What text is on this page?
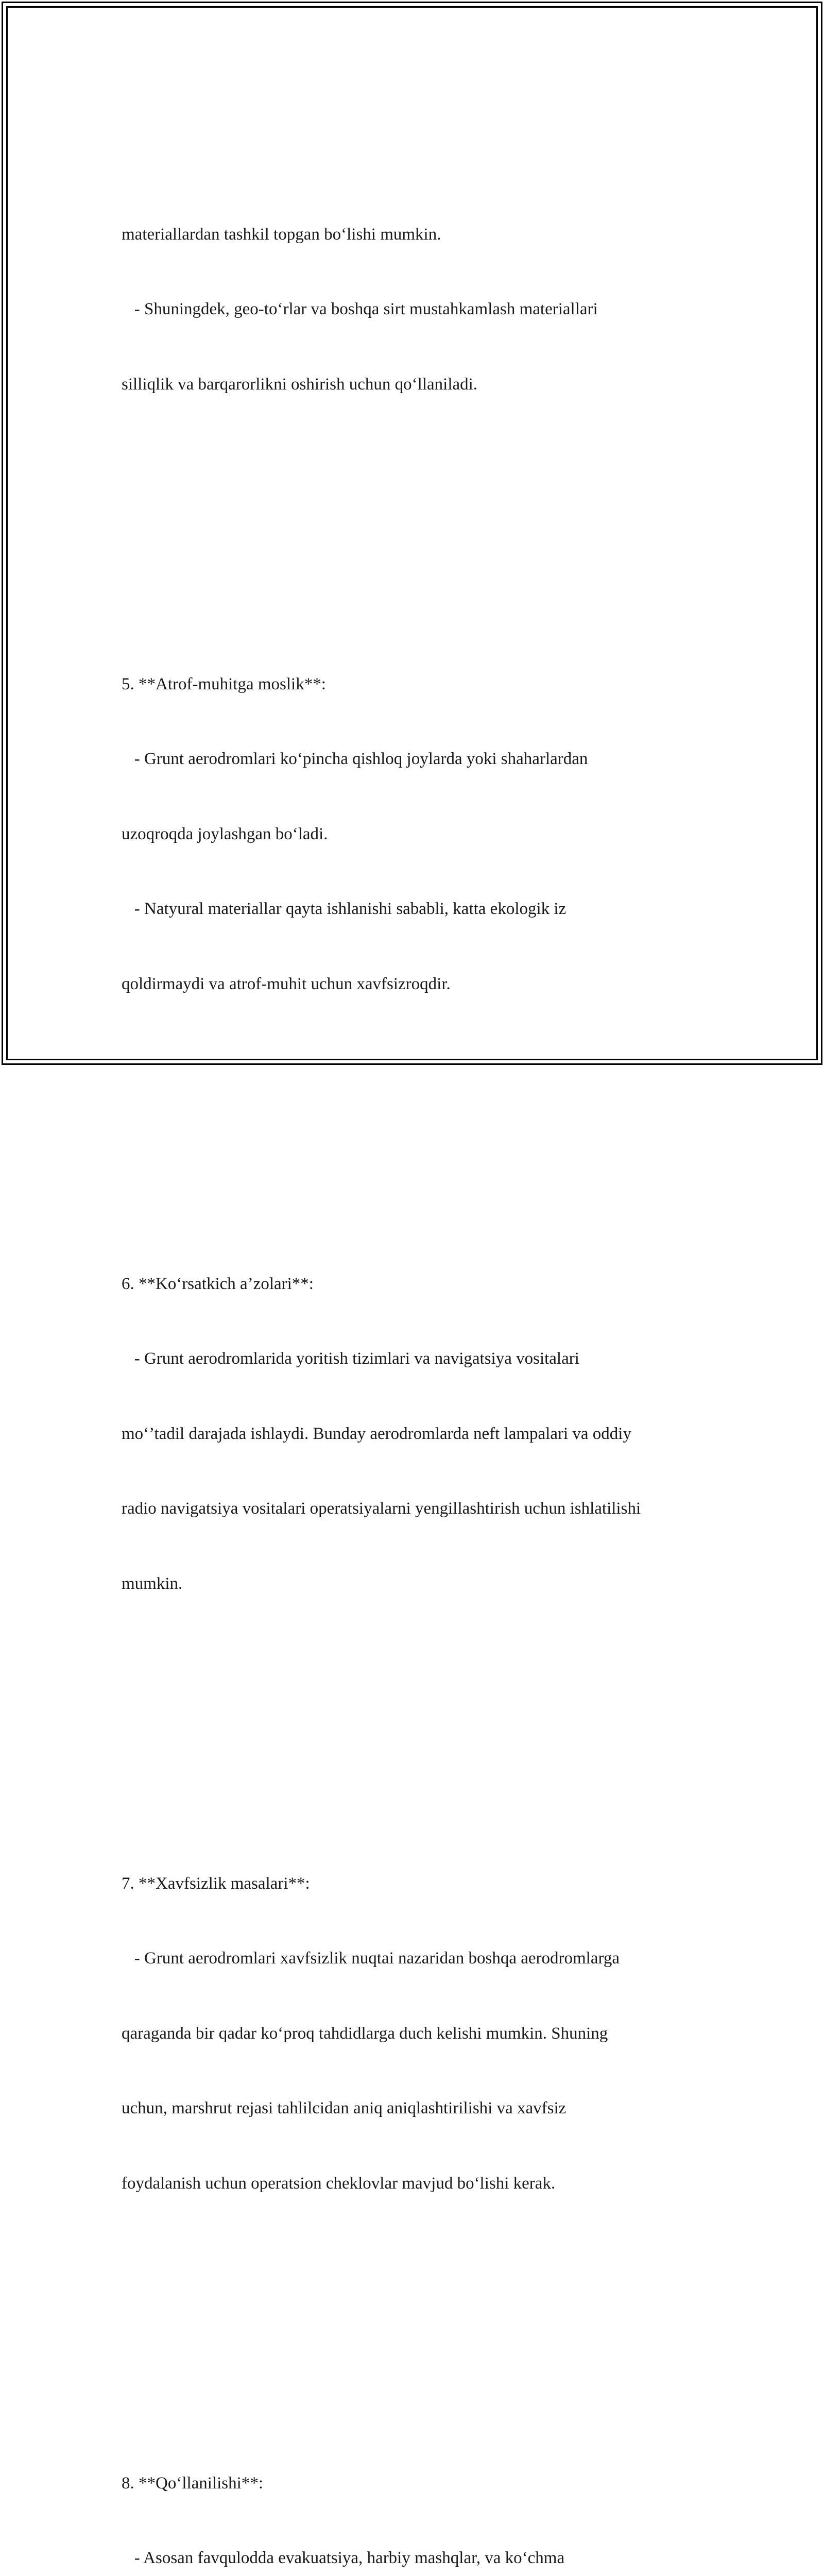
materiallardan tashkil topgan bo‘lishi mumkin.

- Shuningdek, geo-to‘rlar va boshqa sirt mustahkamlash materiallari

silliqlik va barqarorlikni oshirish uchun qo‘llaniladi.

5. **Atrof-muhitga moslik**:

- Grunt aerodromlari ko‘pincha qishloq joylarda yoki shaharlardan

uzoqroqda joylashgan bo‘ladi.

- Natyural materiallar qayta ishlanishi sababli, katta ekologik iz

qoldirmaydi va atrof-muhit uchun xavfsizroqdir.

6. **Ko‘rsatkich a’zolari**:

- Grunt aerodromlarida yoritish tizimlari va navigatsiya vositalari

mo‘’tadil darajada ishlaydi. Bunday aerodromlarda neft lampalari va oddiy

radio navigatsiya vositalari operatsiyalarni yengillashtirish uchun ishlatilishi

mumkin.

7. **Xavfsizlik masalari**:

- Grunt aerodromlari xavfsizlik nuqtai nazaridan boshqa aerodromlarga

qaraganda bir qadar ko‘proq tahdidlarga duch kelishi mumkin. Shuning

uchun, marshrut rejasi tahlilcidan aniq aniqlashtirilishi va xavfsiz

foydalanish uchun operatsion cheklovlar mavjud bo‘lishi kerak.

8. **Qo‘llanilishi**:

- Asosan favqulodda evakuatsiya, harbiy mashqlar, va ko‘chma
